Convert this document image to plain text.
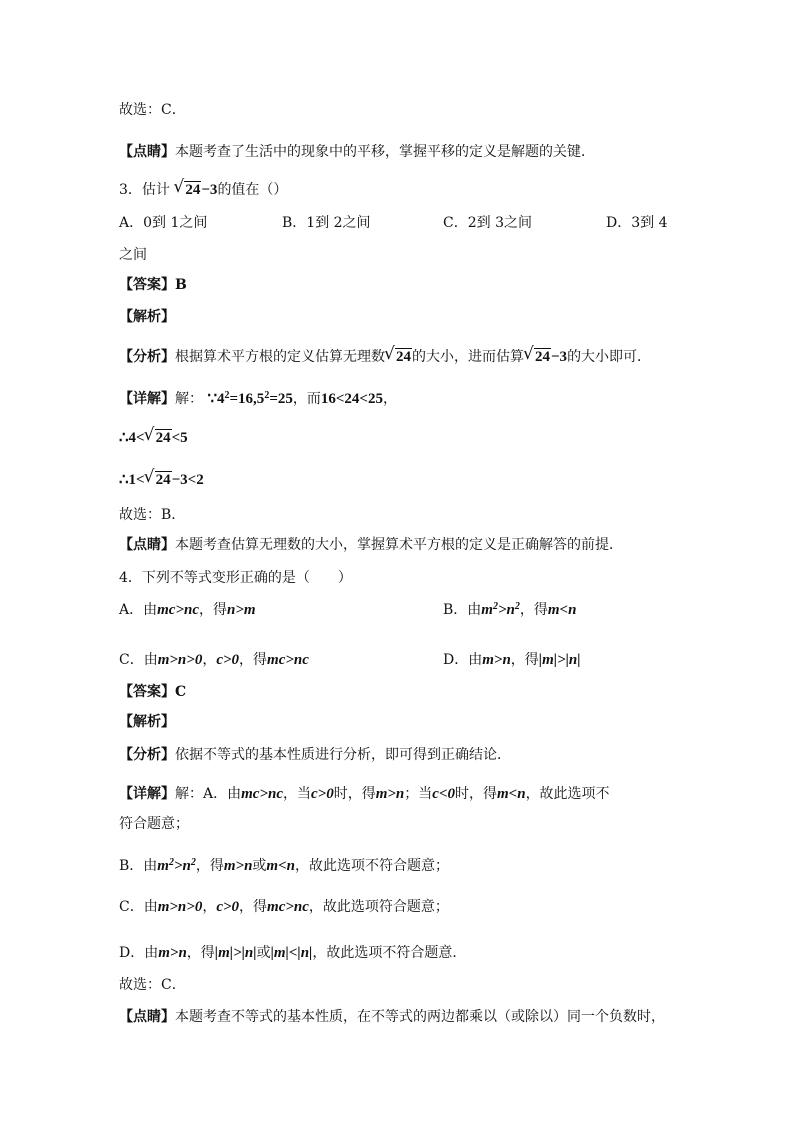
故选：C．
【点睛】本题考查了生活中的现象中的平移，掌握平移的定义是解题的关键．
3．估计 √ 24−3的值在（）
A．0到 1之间	B．1到 2之间	C．2到 3之间	D．3到 4
之间
【答案】B
【解析】
【分析】根据算术平方根的定义估算无理数 √ 24的大小，进而估算 √ 24−3的大小即可．
【详解】解： $\because 4^2=16,5^2=25$，而16<24<25，
∴4< √ 24<5
∴1< √ 24−3<2
故选：B．
【点睛】本题考查估算无理数的大小，掌握算术平方根的定义是正确解答的前提．
4．下列不等式变形正确的是（　　）
A．由mc>nc，得n>m	B．由$m^2>n^2$，得m<n
C．由m>n>0，c>0，得mc>nc	D．由m>n，得|m|>|n|
【答案】C
【解析】
【分析】依据不等式的基本性质进行分析，即可得到正确结论．
【详解】解：A．由mc>nc，当c>0时，得m>n；当c<0时，得m<n，故此选项不
符合题意；
B．由$m^2>n^2$，得m>n或m<n，故此选项不符合题意；
C．由m>n>0，c>0，得mc>nc，故此选项符合题意；
D．由m>n，得|m|>|n|或|m|<|n|，故此选项不符合题意．
故选：C．
【点睛】本题考查不等式的基本性质，在不等式的两边都乘以（或除以）同一个负数时，
